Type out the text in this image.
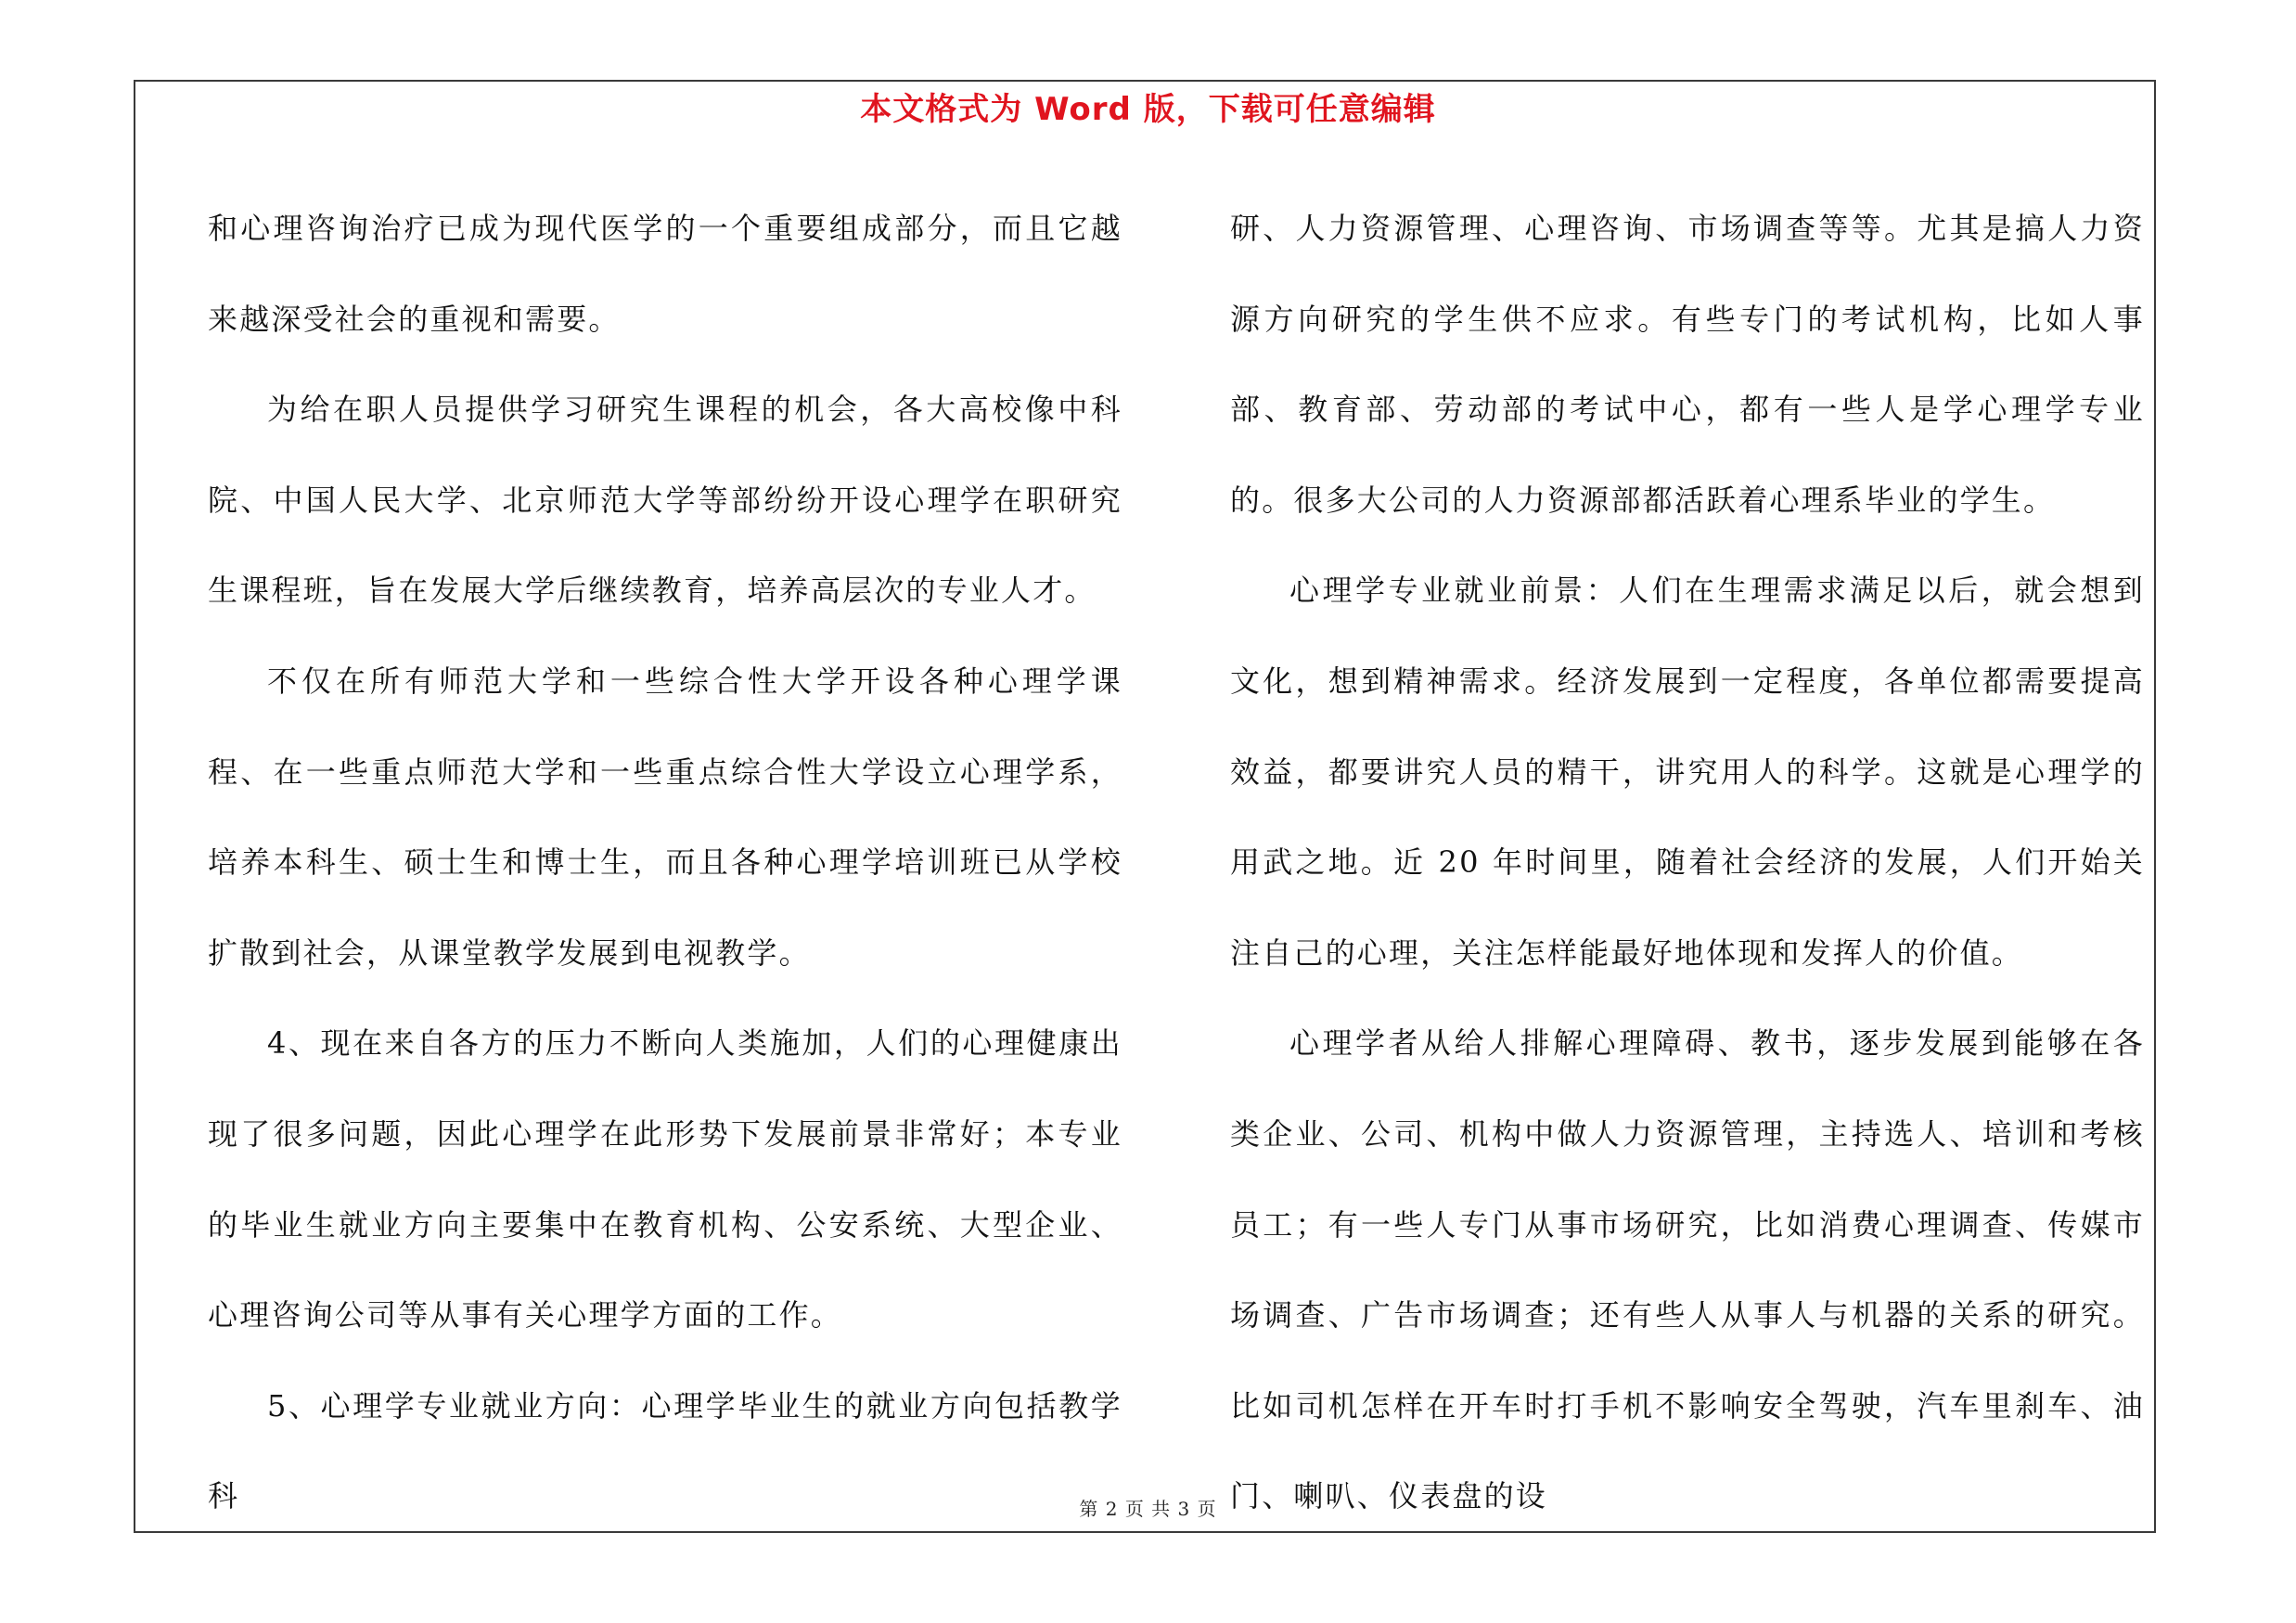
本文格式为 Word 版，下载可任意编辑

和心理咨询治疗已成为现代医学的一个重要组成部分，而且它越来越深受社会的重视和需要。

为给在职人员提供学习研究生课程的机会，各大高校像中科院、中国人民大学、北京师范大学等部纷纷开设心理学在职研究生课程班，旨在发展大学后继续教育，培养高层次的专业人才。

不仅在所有师范大学和一些综合性大学开设各种心理学课程、在一些重点师范大学和一些重点综合性大学设立心理学系，培养本科生、硕士生和博士生，而且各种心理学培训班已从学校扩散到社会，从课堂教学发展到电视教学。

4、现在来自各方的压力不断向人类施加，人们的心理健康出现了很多问题，因此心理学在此形势下发展前景非常好；本专业的毕业生就业方向主要集中在教育机构、公安系统、大型企业、心理咨询公司等从事有关心理学方面的工作。

5、心理学专业就业方向：心理学毕业生的就业方向包括教学科

研、人力资源管理、心理咨询、市场调查等等。尤其是搞人力资源方向研究的学生供不应求。有些专门的考试机构，比如人事部、教育部、劳动部的考试中心，都有一些人是学心理学专业的。很多大公司的人力资源部都活跃着心理系毕业的学生。

心理学专业就业前景：人们在生理需求满足以后，就会想到文化，想到精神需求。经济发展到一定程度，各单位都需要提高效益，都要讲究人员的精干，讲究用人的科学。这就是心理学的用武之地。近 20 年时间里，随着社会经济的发展，人们开始关注自己的心理，关注怎样能最好地体现和发挥人的价值。

心理学者从给人排解心理障碍、教书，逐步发展到能够在各类企业、公司、机构中做人力资源管理，主持选人、培训和考核员工；有一些人专门从事市场研究，比如消费心理调查、传媒市场调查、广告市场调查；还有些人从事人与机器的关系的研究。比如司机怎样在开车时打手机不影响安全驾驶，汽车里刹车、油门、喇叭、仪表盘的设

第 2 页 共 3 页
